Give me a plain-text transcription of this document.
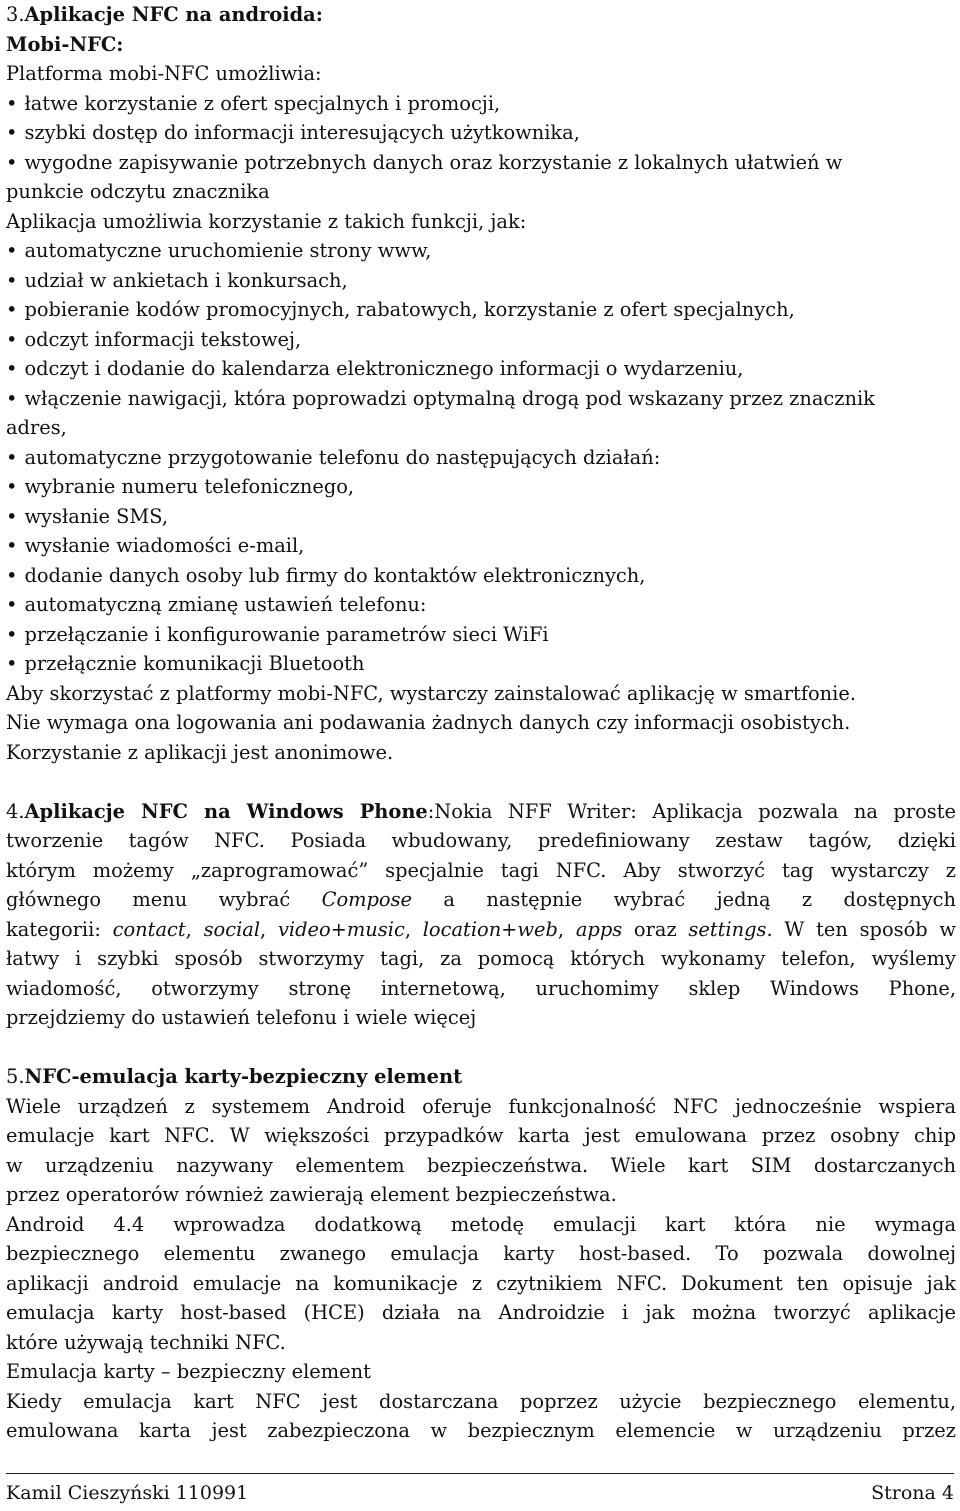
3.Aplikacje NFC na androida:
Mobi-NFC:
Platforma mobi-NFC umożliwia:
• łatwe korzystanie z ofert specjalnych i promocji,
• szybki dostęp do informacji interesujących użytkownika,
• wygodne zapisywanie potrzebnych danych oraz korzystanie z lokalnych ułatwień w
punkcie odczytu znacznika
Aplikacja umożliwia korzystanie z takich funkcji, jak:
• automatyczne uruchomienie strony www,
• udział w ankietach i konkursach,
• pobieranie kodów promocyjnych, rabatowych, korzystanie z ofert specjalnych,
• odczyt informacji tekstowej,
• odczyt i dodanie do kalendarza elektronicznego informacji o wydarzeniu,
• włączenie nawigacji, która poprowadzi optymalną drogą pod wskazany przez znacznik
adres,
• automatyczne przygotowanie telefonu do następujących działań:
• wybranie numeru telefonicznego,
• wysłanie SMS,
• wysłanie wiadomości e-mail,
• dodanie danych osoby lub firmy do kontaktów elektronicznych,
• automatyczną zmianę ustawień telefonu:
• przełączanie i konfigurowanie parametrów sieci WiFi
• przełącznie komunikacji Bluetooth
Aby skorzystać z platformy mobi-NFC, wystarczy zainstalować aplikację w smartfonie.
Nie wymaga ona logowania ani podawania żadnych danych czy informacji osobistych.
Korzystanie z aplikacji jest anonimowe.
4.Aplikacje NFC na Windows Phone:Nokia NFF Writer: Aplikacja pozwala na proste
tworzenie tagów NFC. Posiada wbudowany, predefiniowany zestaw tagów, dzięki
którym możemy „zaprogramować” specjalnie tagi NFC. Aby stworzyć tag wystarczy z
głównego menu wybrać Compose a następnie wybrać jedną z dostępnych
kategorii: contact, social, video+music, location+web, apps oraz settings. W ten sposób w
łatwy i szybki sposób stworzymy tagi, za pomocą których wykonamy telefon, wyślemy
wiadomość, otworzymy stronę internetową, uruchomimy sklep Windows Phone,
przejdziemy do ustawień telefonu i wiele więcej
5.NFC-emulacja karty-bezpieczny element
Wiele urządzeń z systemem Android oferuje funkcjonalność NFC jednocześnie wspiera
emulacje kart NFC. W większości przypadków karta jest emulowana przez osobny chip
w urządzeniu nazywany elementem bezpieczeństwa. Wiele kart SIM dostarczanych
przez operatorów również zawierają element bezpieczeństwa.
Android 4.4 wprowadza dodatkową metodę emulacji kart która nie wymaga
bezpiecznego elementu zwanego emulacja karty host-based. To pozwala dowolnej
aplikacji android emulacje na komunikacje z czytnikiem NFC. Dokument ten opisuje jak
emulacja karty host-based (HCE) działa na Androidzie i jak można tworzyć aplikacje
które używają techniki NFC.
Emulacja karty – bezpieczny element
Kiedy emulacja kart NFC jest dostarczana poprzez użycie bezpiecznego elementu,
emulowana karta jest zabezpieczona w bezpiecznym elemencie w urządzeniu przez
Kamil Cieszyński 110991	Strona 4
